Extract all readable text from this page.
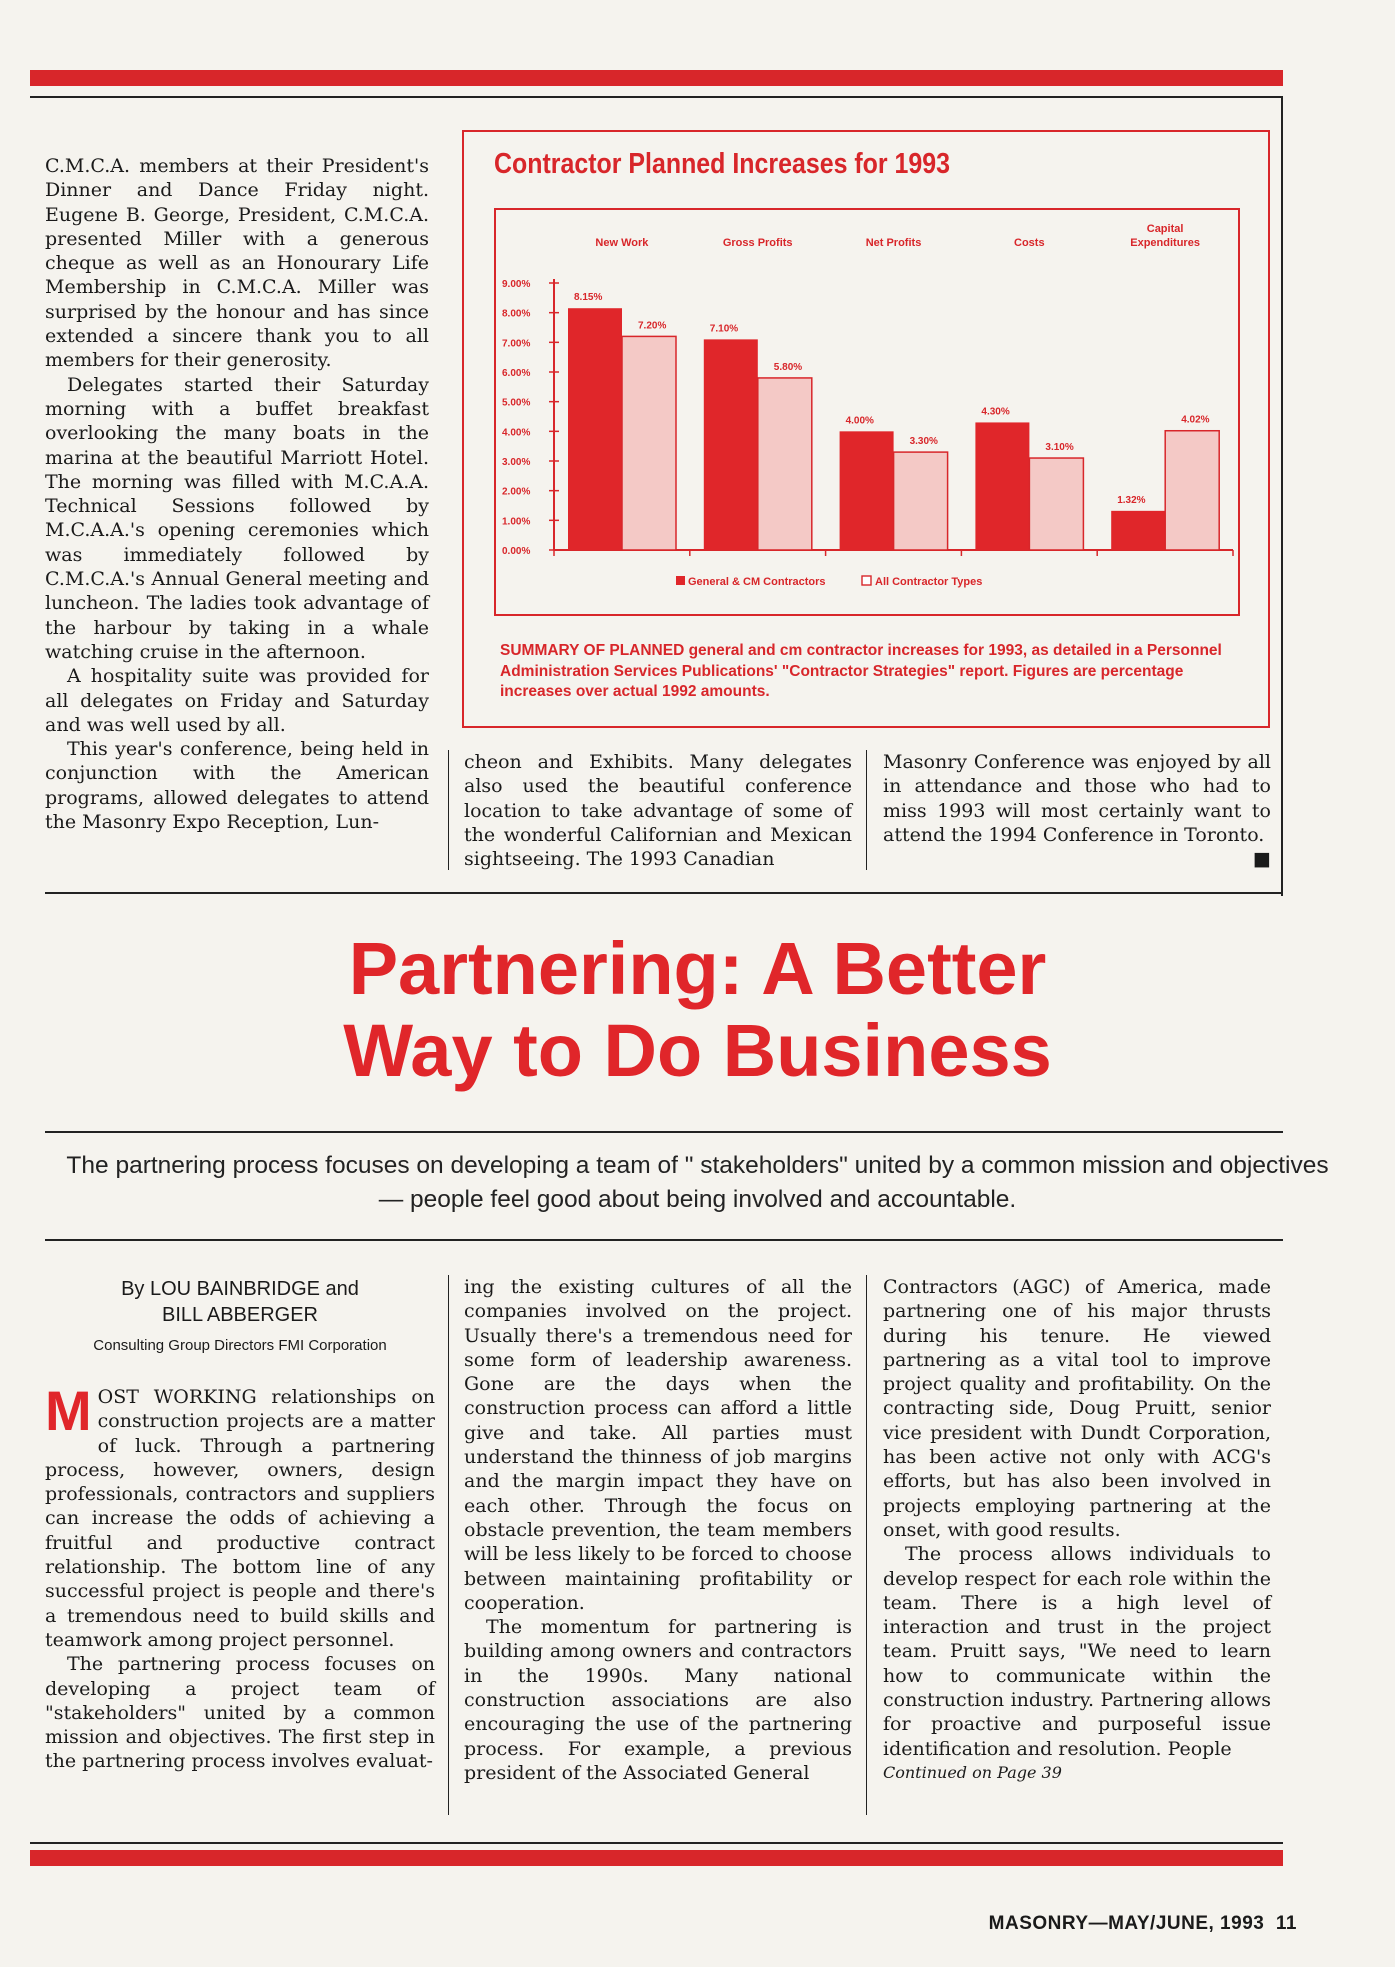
C.M.C.A. members at their President's Dinner and Dance Friday night. Eugene B. George, President, C.M.C.A. presented Miller with a generous cheque as well as an Honourary Life Membership in C.M.C.A. Miller was surprised by the honour and has since extended a sincere thank you to all members for their generosity.

Delegates started their Saturday morning with a buffet breakfast overlooking the many boats in the marina at the beautiful Marriott Hotel. The morning was filled with M.C.A.A. Technical Sessions followed by M.C.A.A.'s opening ceremonies which was immediately followed by C.M.C.A.'s Annual General meeting and luncheon. The ladies took advantage of the harbour by taking in a whale watching cruise in the afternoon.

A hospitality suite was provided for all delegates on Friday and Saturday and was well used by all.

This year's conference, being held in conjunction with the American programs, allowed delegates to attend the Masonry Expo Reception, Lun-

Contractor Planned Increases for 1993
0.00%
1.00%
2.00%
3.00%
4.00%
5.00%
6.00%
7.00%
8.00%
9.00%
New Work
8.15%
7.20%
Gross Profits
7.10%
5.80%
Net Profits
4.00%
3.30%
Costs
4.30%
3.10%
Capital
Expenditures
1.32%
4.02%
General & CM Contractors	All Contractor Types
SUMMARY OF PLANNED general and cm contractor increases for 1993, as detailed in a Personnel Administration Services Publications' "Contractor Strategies" report. Figures are percentage increases over actual 1992 amounts.

cheon and Exhibits. Many delegates also used the beautiful conference location to take advantage of some of the wonderful Californian and Mexican sightseeing. The 1993 Canadian

Masonry Conference was enjoyed by all in attendance and those who had to miss 1993 will most certainly want to attend the 1994 Conference in Toronto.
■

Partnering: A Better
Way to Do Business
The partnering process focuses on developing a team of " stakeholders" united by a common mission and objectives— people feel good about being involved and accountable.
By LOU BAINBRIDGE and
BILL ABBERGER
Consulting Group Directors FMI Corporation

MOST WORKING relationships on construction projects are a matter of luck. Through a partnering process, however, owners, design professionals, contractors and suppliers can increase the odds of achieving a fruitful and productive contract relationship. The bottom line of any successful project is people and there's a tremendous need to build skills and teamwork among project personnel.

The partnering process focuses on developing a project team of "stakeholders" united by a common mission and objectives. The first step in the partnering process involves evaluat-

ing the existing cultures of all the companies involved on the project. Usually there's a tremendous need for some form of leadership awareness. Gone are the days when the construction process can afford a little give and take. All parties must understand the thinness of job margins and the margin impact they have on each other. Through the focus on obstacle prevention, the team members will be less likely to be forced to choose between maintaining profitability or cooperation.

The momentum for partnering is building among owners and contractors in the 1990s. Many national construction associations are also encouraging the use of the partnering process. For example, a previous president of the Associated General

Contractors (AGC) of America, made partnering one of his major thrusts during his tenure. He viewed partnering as a vital tool to improve project quality and profitability. On the contracting side, Doug Pruitt, senior vice president with Dundt Corporation, has been active not only with ACG's efforts, but has also been involved in projects employing partnering at the onset, with good results.

The process allows individuals to develop respect for each role within the team. There is a high level of interaction and trust in the project team. Pruitt says, "We need to learn how to communicate within the construction industry. Partnering allows for proactive and purposeful issue identification and resolution. People

Continued on Page 39

MASONRY—MAY/JUNE, 1993 11
